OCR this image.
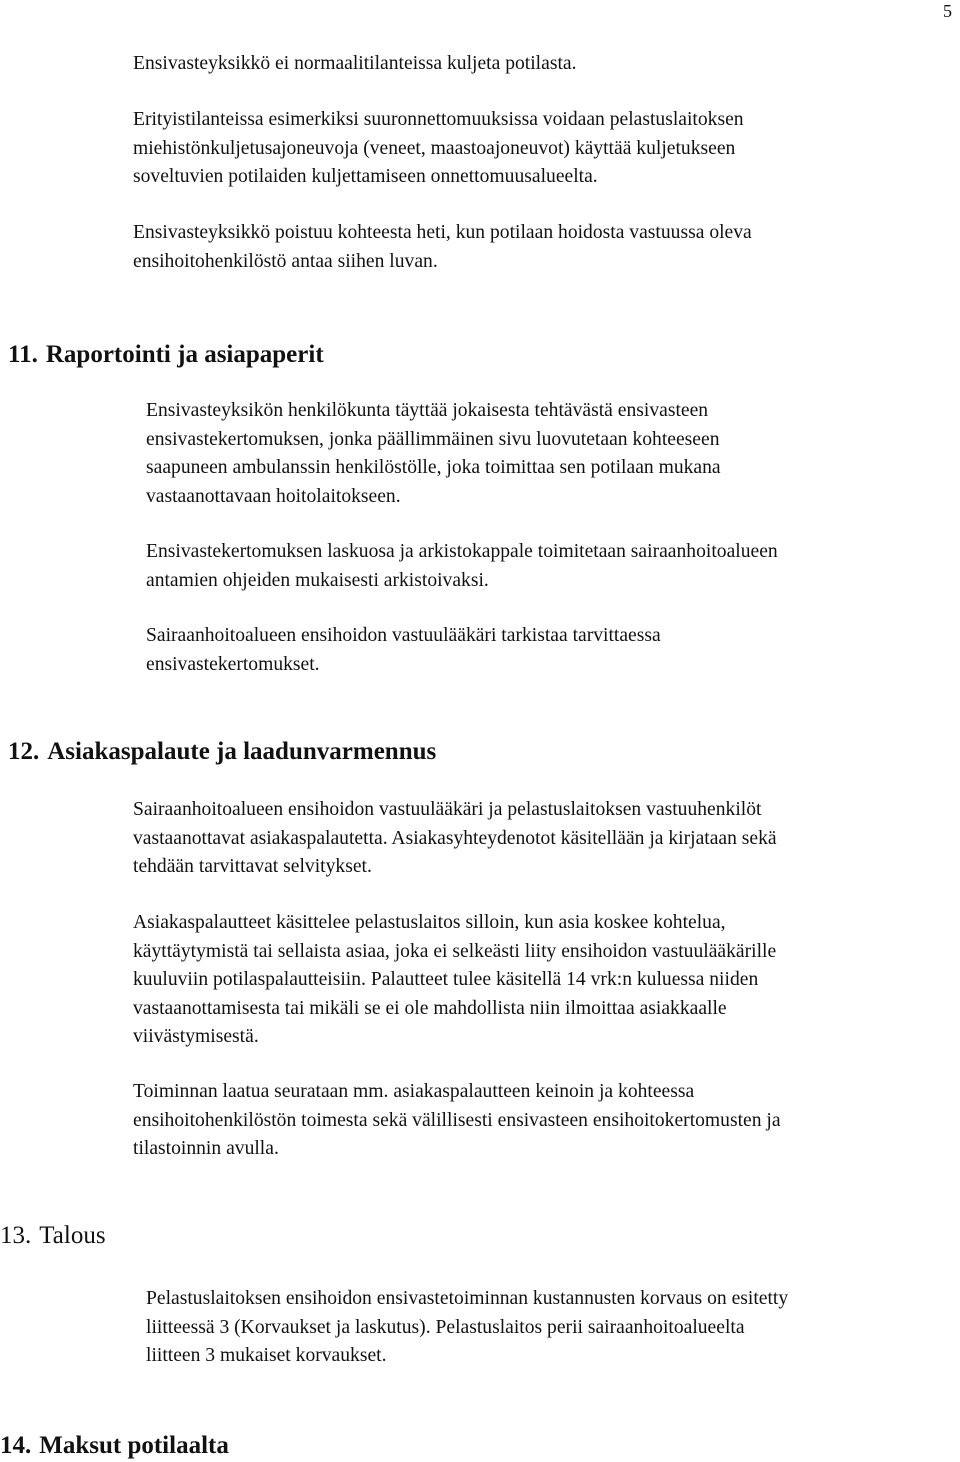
5

Ensivasteyksikkö ei normaalitilanteissa kuljeta potilasta.

Erityistilanteissa esimerkiksi suuronnettomuuksissa voidaan pelastuslaitoksen
miehistönkuljetusajoneuvoja (veneet, maastoajoneuvot) käyttää kuljetukseen
soveltuvien potilaiden kuljettamiseen onnettomuusalueelta.

Ensivasteyksikkö poistuu kohteesta heti, kun potilaan hoidosta vastuussa oleva
ensihoitohenkilöstö antaa siihen luvan.

11. Raportointi ja asiapaperit

Ensivasteyksikön henkilökunta täyttää jokaisesta tehtävästä ensivasteen
ensivastekertomuksen, jonka päällimmäinen sivu luovutetaan kohteeseen
saapuneen ambulanssin henkilöstölle, joka toimittaa sen potilaan mukana
vastaanottavaan hoitolaitokseen.

Ensivastekertomuksen laskuosa ja arkistokappale toimitetaan sairaanhoitoalueen
antamien ohjeiden mukaisesti arkistoivaksi.

Sairaanhoitoalueen ensihoidon vastuulääkäri tarkistaa tarvittaessa
ensivastekertomukset.

12. Asiakaspalaute ja laadunvarmennus

Sairaanhoitoalueen ensihoidon vastuulääkäri ja pelastuslaitoksen vastuuhenkilöt
vastaanottavat asiakaspalautetta. Asiakasyhteydenotot käsitellään ja kirjataan sekä
tehdään tarvittavat selvitykset.

Asiakaspalautteet käsittelee pelastuslaitos silloin, kun asia koskee kohtelua,
käyttäytymistä tai sellaista asiaa, joka ei selkeästi liity ensihoidon vastuulääkärille
kuuluviin potilaspalautteisiin. Palautteet tulee käsitellä 14 vrk:n kuluessa niiden
vastaanottamisesta tai mikäli se ei ole mahdollista niin ilmoittaa asiakkaalle
viivästymisestä.

Toiminnan laatua seurataan mm. asiakaspalautteen keinoin ja kohteessa
ensihoitohenkilöstön toimesta sekä välillisesti ensivasteen ensihoitokertomusten ja
tilastoinnin avulla.

13. Talous

Pelastuslaitoksen ensihoidon ensivastetoiminnan kustannusten korvaus on esitetty
liitteessä 3 (Korvaukset ja laskutus). Pelastuslaitos perii sairaanhoitoalueelta
liitteen 3 mukaiset korvaukset.

14. Maksut potilaalta
